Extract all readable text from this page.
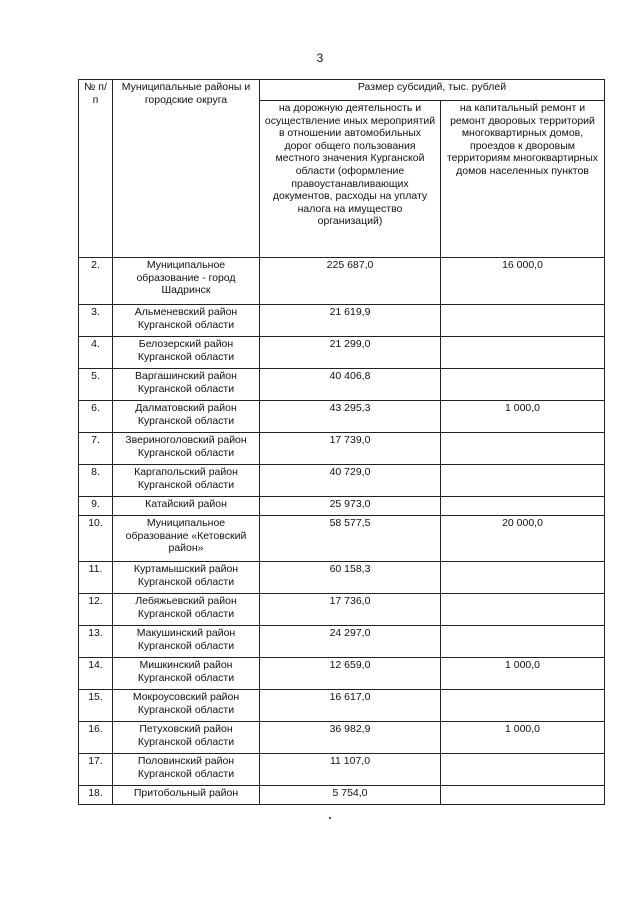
3
№ п/п	Муниципальные районы и городские округа	Размер субсидий, тыс. рублей	
		на дорожную деятельность и осуществление иных мероприятий в отношении автомобильных дорог общего пользования местного значения Курганской области (оформление правоустанавливающих документов, расходы на уплату налога на имущество организаций)	на капитальный ремонт и ремонт дворовых территорий многоквартирных домов, проездов к дворовым территориям многоквартирных домов населенных пунктов
2.	Муниципальное образование - город Шадринск	225 687,0	16 000,0
3.	Альменевский район Курганской области	21 619,9	
4.	Белозерский район Курганской области	21 299,0	
5.	Варгашинский район Курганской области	40 406,8	
6.	Далматовский район Курганской области	43 295,3	1 000,0
7.	Звериноголовский район Курганской области	17 739,0	
8.	Каргапольский район Курганской области	40 729,0	
9.	Катайский район	25 973,0	
10.	Муниципальное образование «Кетовский район»	58 577,5	20 000,0
11.	Куртамышский район Курганской области	60 158,3	
12.	Лебяжьевский район Курганской области	17 736,0	
13.	Макушинский район Курганской области	24 297,0	
14.	Мишкинский район Курганской области	12 659,0	1 000,0
15.	Мокроусовский район Курганской области	16 617,0	
16.	Петуховский район Курганской области	36 982,9	1 000,0
17.	Половинский район Курганской области	11 107,0	
18.	Притобольный район	5 754,0	
